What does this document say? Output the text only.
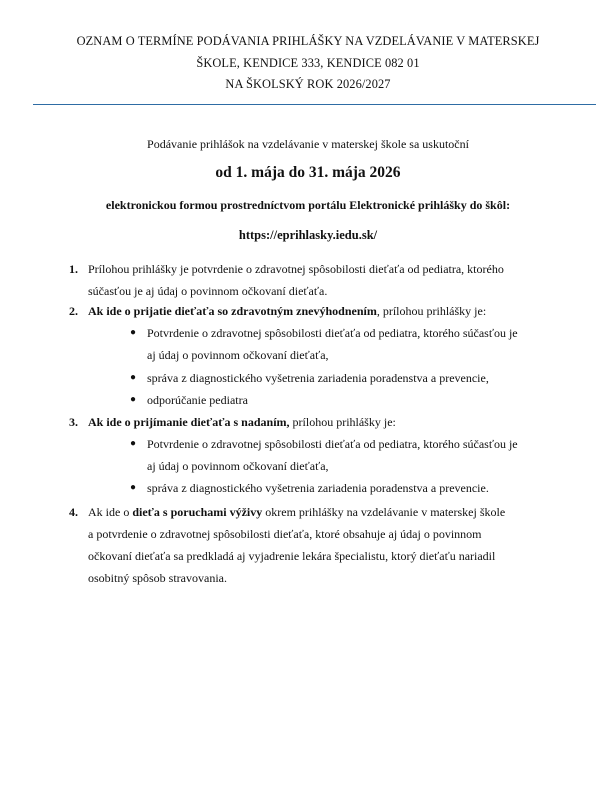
OZNAM O TERMÍNE PODÁVANIA PRIHLÁŠKY NA VZDELÁVANIE V MATERSKEJ
ŠKOLE, KENDICE 333, KENDICE 082 01
NA ŠKOLSKÝ ROK 2026/2027
Podávanie prihlášok na vzdelávanie v materskej škole sa uskutoční
od 1. mája do 31. mája 2026
elektronickou formou prostredníctvom portálu Elektronické prihlášky do škôl:
https://eprihlasky.iedu.sk/
1. Prílohou prihlášky je potvrdenie o zdravotnej spôsobilosti dieťaťa od pediatra, ktorého

súčasťou je aj údaj o povinnom očkovaní dieťaťa.

2. Ak ide o prijatie dieťaťa so zdravotným znevýhodnením, prílohou prihlášky je:

● Potvrdenie o zdravotnej spôsobilosti dieťaťa od pediatra, ktorého súčasťou je

aj údaj o povinnom očkovaní dieťaťa,

● správa z diagnostického vyšetrenia zariadenia poradenstva a prevencie,

● odporúčanie pediatra

3. Ak ide o prijímanie dieťaťa s nadaním, prílohou prihlášky je:

● Potvrdenie o zdravotnej spôsobilosti dieťaťa od pediatra, ktorého súčasťou je

aj údaj o povinnom očkovaní dieťaťa,

● správa z diagnostického vyšetrenia zariadenia poradenstva a prevencie.

4. Ak ide o dieťa s poruchami výživy okrem prihlášky na vzdelávanie v materskej škole

a potvrdenie o zdravotnej spôsobilosti dieťaťa, ktoré obsahuje aj údaj o povinnom

očkovaní dieťaťa sa predkladá aj vyjadrenie lekára špecialistu, ktorý dieťaťu nariadil

osobitný spôsob stravovania.
